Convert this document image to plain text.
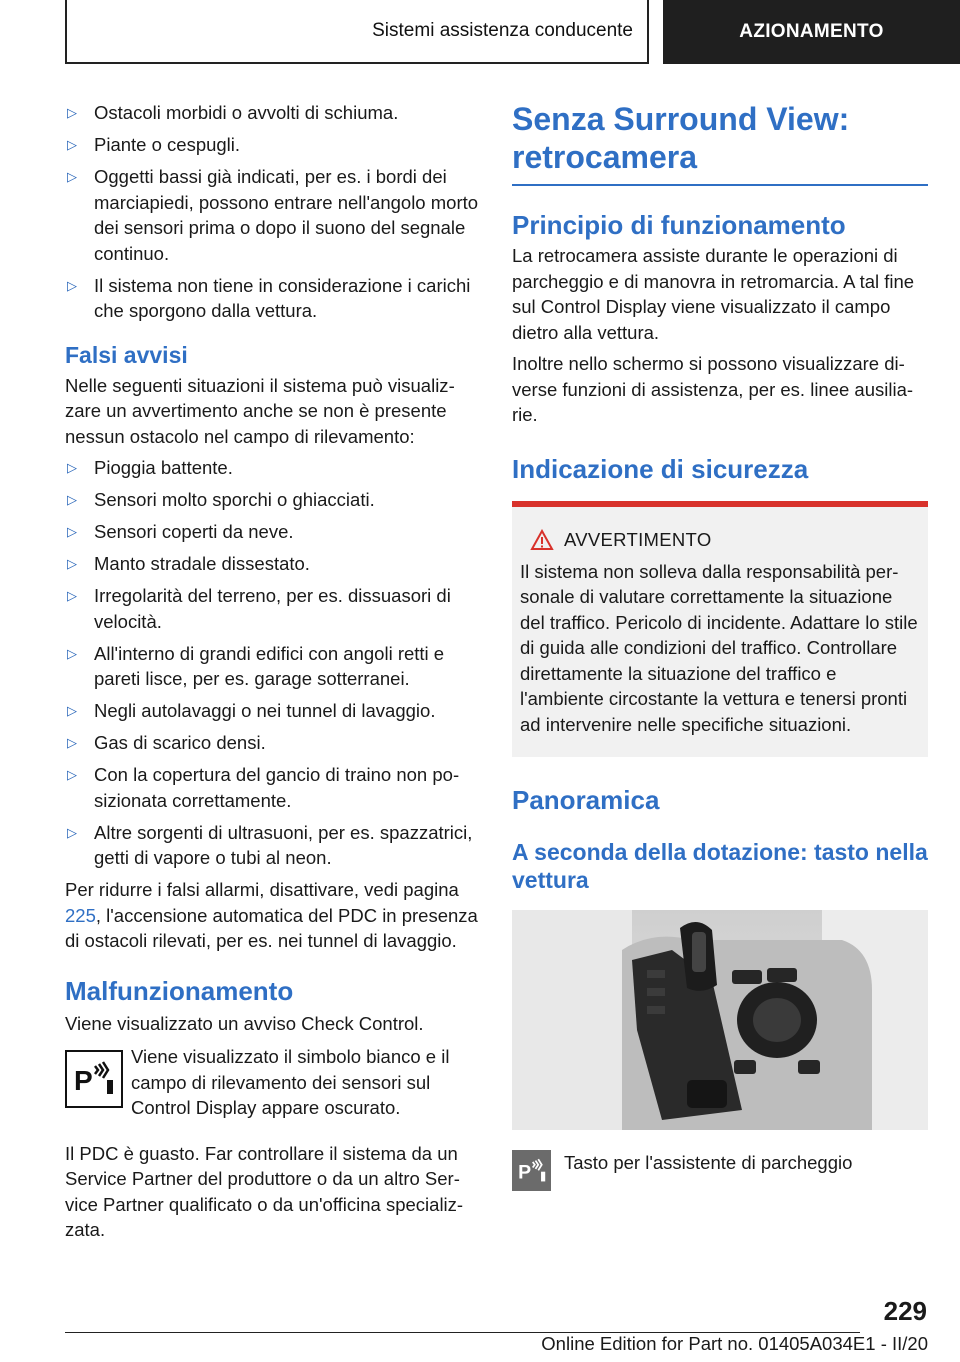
Sistemi assistenza conducente	AZIONAMENTO
▷ Ostacoli morbidi o avvolti di schiuma.
▷ Piante o cespugli.
▷ Oggetti bassi già indicati, per es. i bordi dei marciapiedi, possono entrare nell'angolo morto dei sensori prima o dopo il suono del segnale continuo.
▷ Il sistema non tiene in considerazione i carichi che sporgono dalla vettura.
Falsi avvisi

Nelle seguenti situazioni il sistema può visualizzare un avvertimento anche se non è presente nessun ostacolo nel campo di rilevamento:

▷ Pioggia battente.
▷ Sensori molto sporchi o ghiacciati.
▷ Sensori coperti da neve.
▷ Manto stradale dissestato.
▷ Irregolarità del terreno, per es. dissuasori di velocità.
▷ All'interno di grandi edifici con angoli retti e pareti lisce, per es. garage sotterranei.
▷ Negli autolavaggi o nei tunnel di lavaggio.
▷ Gas di scarico densi.
▷ Con la copertura del gancio di traino non posizionata correttamente.
▷ Altre sorgenti di ultrasuoni, per es. spazzatrici, getti di vapore o tubi al neon.

Per ridurre i falsi allarmi, disattivare, vedi pagina 225, l'accensione automatica del PDC in presenza di ostacoli rilevati, per es. nei tunnel di lavaggio.

Malfunzionamento

Viene visualizzato un avviso Check Control.

P

Viene visualizzato il simbolo bianco e il campo di rilevamento dei sensori sul Control Display appare oscurato.

Il PDC è guasto. Far controllare il sistema da un Service Partner del produttore o da un altro Service Partner qualificato o da un'officina specializzata.

Senza Surround View: retrocamera
Principio di funzionamento

La retrocamera assiste durante le operazioni di parcheggio e di manovra in retromarcia. A tal fine sul Control Display viene visualizzato il campo dietro alla vettura.

Inoltre nello schermo si possono visualizzare diverse funzioni di assistenza, per es. linee ausiliarie.

Indicazione di sicurezza
AVVERTIMENTO

Il sistema non solleva dalla responsabilità personale di valutare correttamente la situazione del traffico. Pericolo di incidente. Adattare lo stile di guida alle condizioni del traffico. Controllare direttamente la situazione del traffico e l'ambiente circostante la vettura e tenersi pronti ad intervenire nelle specifiche situazioni.

Panoramica
A seconda della dotazione: tasto nella vettura
P Tasto per l'assistente di parcheggio

229
Online Edition for Part no. 01405A034E1 - II/20
